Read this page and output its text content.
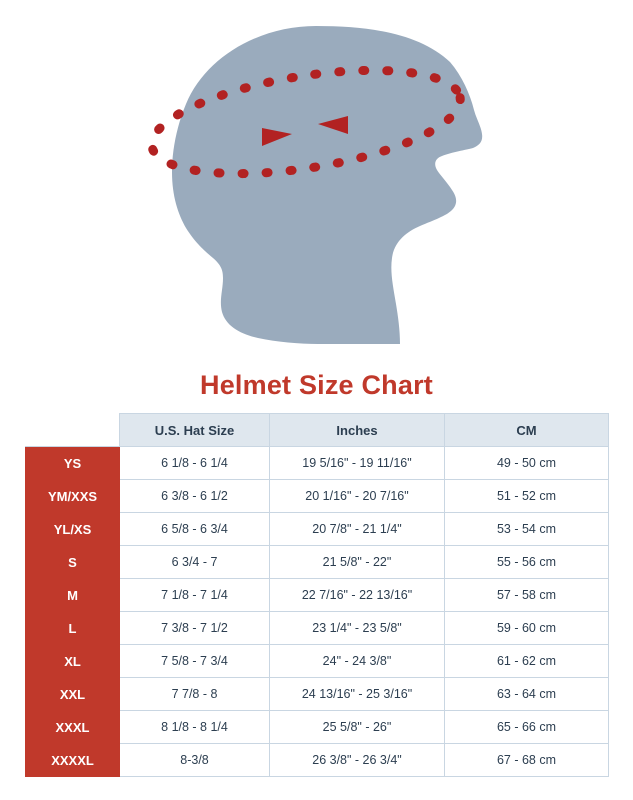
Helmet Size Chart
	U.S. Hat Size	Inches	CM
YS	6 1/8 - 6 1/4	19 5/16" - 19 11/16"	49 - 50 cm
YM/XXS	6 3/8 - 6 1/2	20 1/16" - 20 7/16"	51 - 52 cm
YL/XS	6 5/8 - 6 3/4	20 7/8" - 21 1/4"	53 - 54 cm
S	6 3/4 - 7	21 5/8" - 22"	55 - 56 cm
M	7 1/8 - 7 1/4	22 7/16" - 22 13/16"	57 - 58 cm
L	7 3/8 - 7 1/2	23 1/4" - 23 5/8"	59 - 60 cm
XL	7 5/8 - 7 3/4	24" - 24 3/8"	61 - 62 cm
XXL	7 7/8 - 8	24 13/16" - 25 3/16"	63 - 64 cm
XXXL	8 1/8 - 8 1/4	25 5/8" - 26"	65 - 66 cm
XXXXL	8-3/8	26 3/8" - 26 3/4"	67 - 68 cm
